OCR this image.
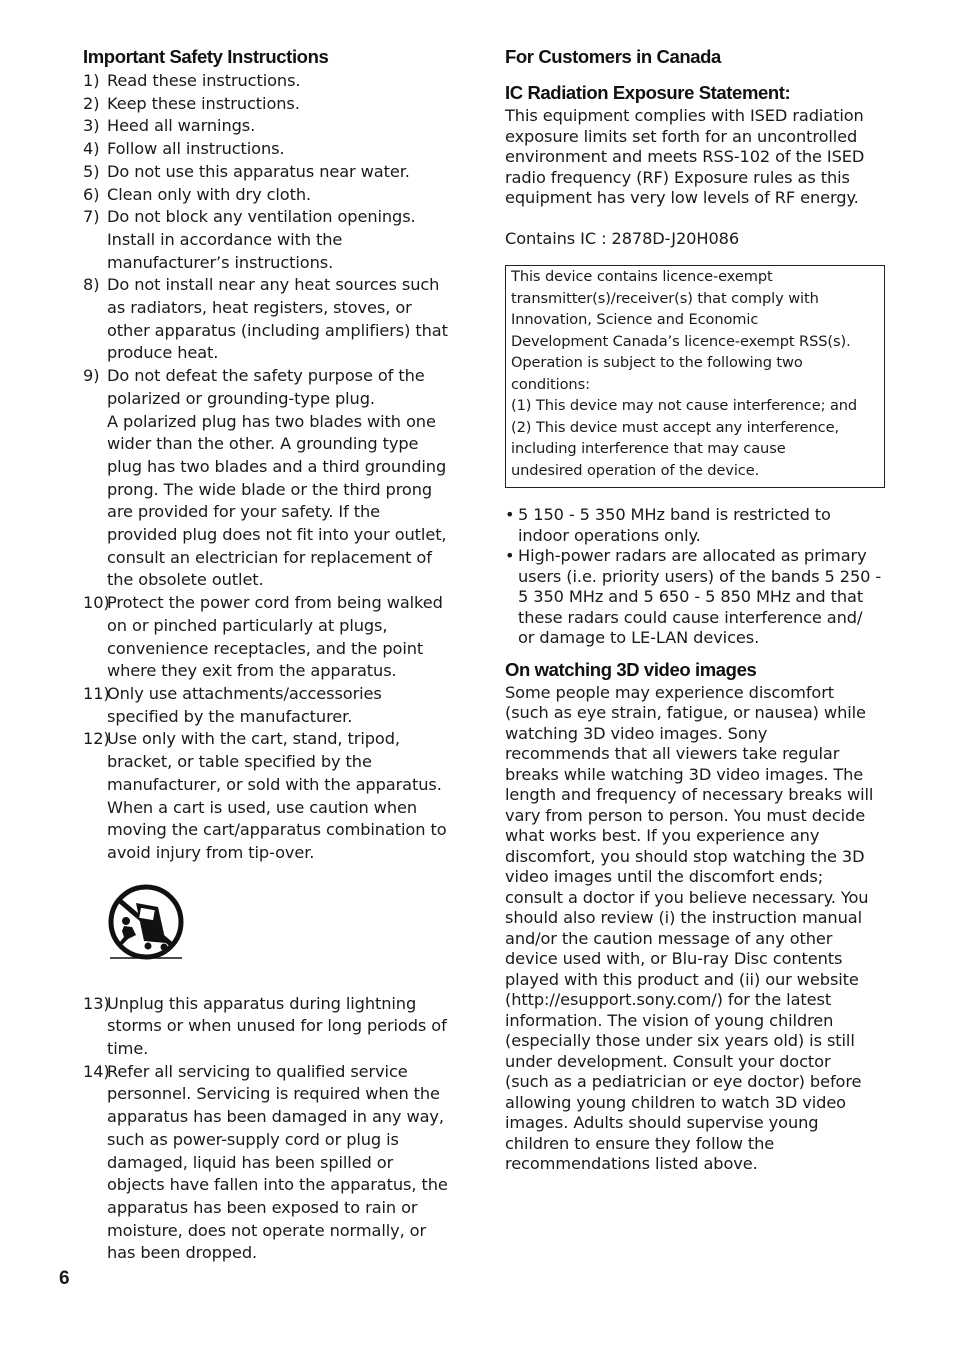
Important Safety Instructions
1) Read these instructions.
2) Keep these instructions.
3) Heed all warnings.
4) Follow all instructions.
5) Do not use this apparatus near water.
6) Clean only with dry cloth.
7) Do not block any ventilation openings.
Install in accordance with the
manufacturer’s instructions.
8) Do not install near any heat sources such
as radiators, heat registers, stoves, or
other apparatus (including amplifiers) that
produce heat.
9) Do not defeat the safety purpose of the
polarized or grounding-type plug.
A polarized plug has two blades with one
wider than the other. A grounding type
plug has two blades and a third grounding
prong. The wide blade or the third prong
are provided for your safety. If the
provided plug does not fit into your outlet,
consult an electrician for replacement of
the obsolete outlet.
10)
Protect the power cord from being walked
on or pinched particularly at plugs,
convenience receptacles, and the point
where they exit from the apparatus.
11)
Only use attachments/accessories
specified by the manufacturer.
12)
Use only with the cart, stand, tripod,
bracket, or table specified by the
manufacturer, or sold with the apparatus.
When a cart is used, use caution when
moving the cart/apparatus combination to
avoid injury from tip-over.
13)
Unplug this apparatus during lightning
storms or when unused for long periods of
time.
14)
Refer all servicing to qualified service
personnel. Servicing is required when the
apparatus has been damaged in any way,
such as power-supply cord or plug is
damaged, liquid has been spilled or
objects have fallen into the apparatus, the
apparatus has been exposed to rain or
moisture, does not operate normally, or
has been dropped.
For Customers in Canada
IC Radiation Exposure Statement:
This equipment complies with ISED radiation
exposure limits set forth for an uncontrolled
environment and meets RSS-102 of the ISED
radio frequency (RF) Exposure rules as this
equipment has very low levels of RF energy.
Contains IC : 2878D-J20H086
This device contains licence-exempt
transmitter(s)/receiver(s) that comply with
Innovation, Science and Economic
Development Canada’s licence-exempt RSS(s).
Operation is subject to the following two
conditions:
(1) This device may not cause interference; and
(2) This device must accept any interference,
including interference that may cause
undesired operation of the device.
• 5 150 - 5 350 MHz band is restricted to
indoor operations only.
• High-power radars are allocated as primary
users (i.e. priority users) of the bands 5 250 -
5 350 MHz and 5 650 - 5 850 MHz and that
these radars could cause interference and/
or damage to LE-LAN devices.
On watching 3D video images
Some people may experience discomfort
(such as eye strain, fatigue, or nausea) while
watching 3D video images. Sony
recommends that all viewers take regular
breaks while watching 3D video images. The
length and frequency of necessary breaks will
vary from person to person. You must decide
what works best. If you experience any
discomfort, you should stop watching the 3D
video images until the discomfort ends;
consult a doctor if you believe necessary. You
should also review (i) the instruction manual
and/or the caution message of any other
device used with, or Blu-ray Disc contents
played with this product and (ii) our website
(http://esupport.sony.com/) for the latest
information. The vision of young children
(especially those under six years old) is still
under development. Consult your doctor
(such as a pediatrician or eye doctor) before
allowing young children to watch 3D video
images. Adults should supervise young
children to ensure they follow the
recommendations listed above.
6
